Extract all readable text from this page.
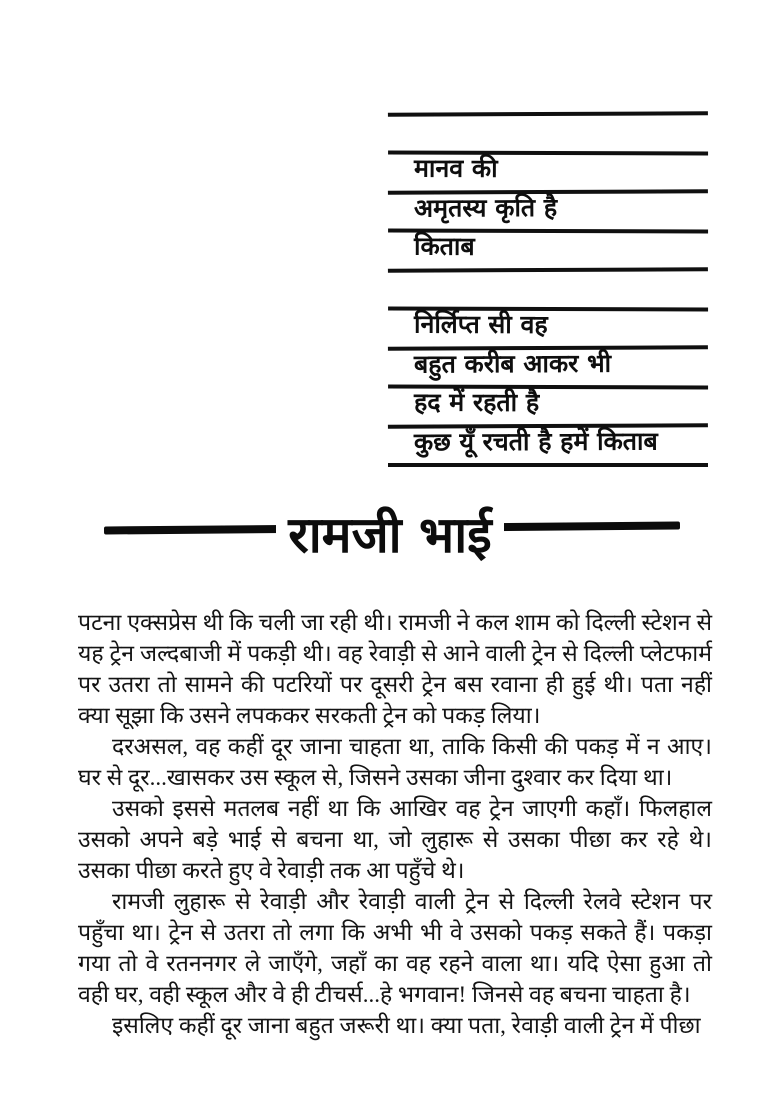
मानव की
अमृतस्य कृति है
किताब
निर्लिप्त सी वह
बहुत करीब आकर भी
हद में रहती है
कुछ यूँ रचती है हमें किताब
रामजी भाई

पटना एक्सप्रेस थी कि चली जा रही थी। रामजी ने कल शाम को दिल्ली स्टेशन से यह ट्रेन जल्दबाजी में पकड़ी थी। वह रेवाड़ी से आने वाली ट्रेन से दिल्ली प्लेटफार्म पर उतरा तो सामने की पटरियों पर दूसरी ट्रेन बस रवाना ही हुई थी। पता नहीं क्या सूझा कि उसने लपककर सरकती ट्रेन को पकड़ लिया।

दरअसल, वह कहीं दूर जाना चाहता था, ताकि किसी की पकड़ में न आए। घर से दूर...खासकर उस स्कूल से, जिसने उसका जीना दुश्वार कर दिया था।

उसको इससे मतलब नहीं था कि आखिर वह ट्रेन जाएगी कहाँ। फिलहाल उसको अपने बड़े भाई से बचना था, जो लुहारू से उसका पीछा कर रहे थे। उसका पीछा करते हुए वे रेवाड़ी तक आ पहुँचे थे।

रामजी लुहारू से रेवाड़ी और रेवाड़ी वाली ट्रेन से दिल्ली रेलवे स्टेशन पर पहुँचा था। ट्रेन से उतरा तो लगा कि अभी भी वे उसको पकड़ सकते हैं। पकड़ा गया तो वे रतननगर ले जाएँगे, जहाँ का वह रहने वाला था। यदि ऐसा हुआ तो वही घर, वही स्कूल और वे ही टीचर्स...हे भगवान! जिनसे वह बचना चाहता है।

इसलिए कहीं दूर जाना बहुत जरूरी था। क्या पता, रेवाड़ी वाली ट्रेन में पीछा
